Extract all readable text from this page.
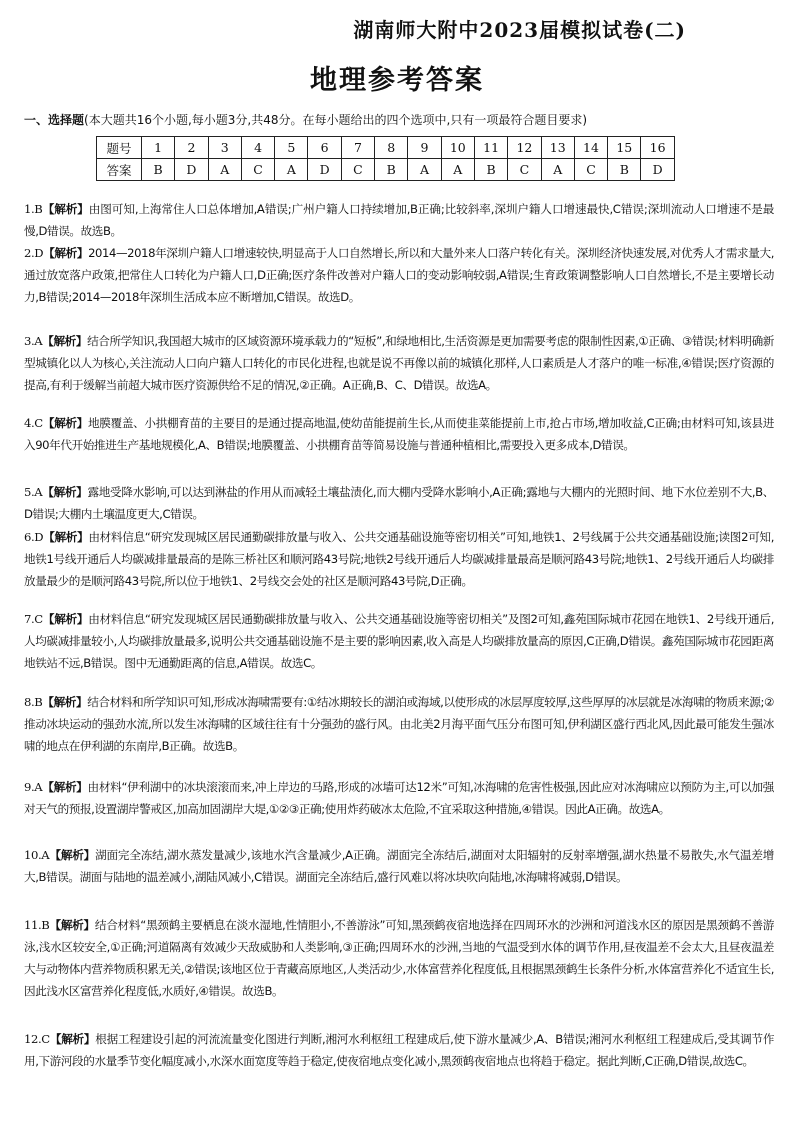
湖南师大附中2023届模拟试卷(二)
地理参考答案
一、选择题(本大题共16个小题,每小题3分,共48分。在每小题给出的四个选项中,只有一项最符合题目要求)
题号	1	2	3	4	5	6	7	8	9	10	11	12	13	14	15	16
答案	B	D	A	C	A	D	C	B	A	A	B	C	A	C	B	D
1.B【解析】由图可知,上海常住人口总体增加,A错误;广州户籍人口持续增加,B正确;比较斜率,深圳户籍人口增速最快,C错误;深圳流动人口增速不是最慢,D错误。故选B。
2.D【解析】2014—2018年深圳户籍人口增速较快,明显高于人口自然增长,所以和大量外来人口落户转化有关。深圳经济快速发展,对优秀人才需求量大,通过放宽落户政策,把常住人口转化为户籍人口,D正确;医疗条件改善对户籍人口的变动影响较弱,A错误;生育政策调整影响人口自然增长,不是主要增长动力,B错误;2014—2018年深圳生活成本应不断增加,C错误。故选D。
3.A【解析】结合所学知识,我国超大城市的区域资源环境承载力的“短板”,和绿地相比,生活资源是更加需要考虑的限制性因素,①正确、③错误;材料明确新型城镇化以人为核心,关注流动人口向户籍人口转化的市民化进程,也就是说不再像以前的城镇化那样,人口素质是人才落户的唯一标准,④错误;医疗资源的提高,有利于缓解当前超大城市医疗资源供给不足的情况,②正确。A正确,B、C、D错误。故选A。
4.C【解析】地膜覆盖、小拱棚育苗的主要目的是通过提高地温,使幼苗能提前生长,从而使韭菜能提前上市,抢占市场,增加收益,C正确;由材料可知,该县进入90年代开始推进生产基地规模化,A、B错误;地膜覆盖、小拱棚育苗等简易设施与普通种植相比,需要投入更多成本,D错误。
5.A【解析】露地受降水影响,可以达到淋盐的作用从而减轻土壤盐渍化,而大棚内受降水影响小,A正确;露地与大棚内的光照时间、地下水位差别不大,B、D错误;大棚内土壤温度更大,C错误。
6.D【解析】由材料信息“研究发现城区居民通勤碳排放量与收入、公共交通基础设施等密切相关”可知,地铁1、2号线属于公共交通基础设施;读图2可知,地铁1号线开通后人均碳减排量最高的是陈三桥社区和顺河路43号院;地铁2号线开通后人均碳减排量最高是顺河路43号院;地铁1、2号线开通后人均碳排放量最少的是顺河路43号院,所以位于地铁1、2号线交会处的社区是顺河路43号院,D正确。
7.C【解析】由材料信息“研究发现城区居民通勤碳排放量与收入、公共交通基础设施等密切相关”及图2可知,鑫苑国际城市花园在地铁1、2号线开通后,人均碳减排量较小,人均碳排放量最多,说明公共交通基础设施不是主要的影响因素,收入高是人均碳排放量高的原因,C正确,D错误。鑫苑国际城市花园距离地铁站不远,B错误。图中无通勤距离的信息,A错误。故选C。
8.B【解析】结合材料和所学知识可知,形成冰海啸需要有:①结冰期较长的湖泊或海域,以使形成的冰层厚度较厚,这些厚厚的冰层就是冰海啸的物质来源;②推动冰块运动的强劲水流,所以发生冰海啸的区域往往有十分强劲的盛行风。由北美2月海平面气压分布图可知,伊利湖区盛行西北风,因此最可能发生强冰啸的地点在伊利湖的东南岸,B正确。故选B。
9.A【解析】由材料“伊利湖中的冰块滚滚而来,冲上岸边的马路,形成的冰墙可达12米”可知,冰海啸的危害性极强,因此应对冰海啸应以预防为主,可以加强对天气的预报,设置湖岸警戒区,加高加固湖岸大堤,①②③正确;使用炸药破冰太危险,不宜采取这种措施,④错误。因此A正确。故选A。
10.A【解析】湖面完全冻结,湖水蒸发量减少,该地水汽含量减少,A正确。湖面完全冻结后,湖面对太阳辐射的反射率增强,湖水热量不易散失,水气温差增大,B错误。湖面与陆地的温差减小,湖陆风减小,C错误。湖面完全冻结后,盛行风难以将冰块吹向陆地,冰海啸将减弱,D错误。
11.B【解析】结合材料“黑颈鹤主要栖息在淡水湿地,性情胆小,不善游泳”可知,黑颈鹤夜宿地选择在四周环水的沙洲和河道浅水区的原因是黑颈鹤不善游泳,浅水区较安全,①正确;河道隔离有效减少天敌威胁和人类影响,③正确;四周环水的沙洲,当地的气温受到水体的调节作用,昼夜温差不会太大,且昼夜温差大与动物体内营养物质积累无关,②错误;该地区位于青藏高原地区,人类活动少,水体富营养化程度低,且根据黑颈鹤生长条件分析,水体富营养化不适宜生长,因此浅水区富营养化程度低,水质好,④错误。故选B。
12.C【解析】根据工程建设引起的河流流量变化图进行判断,湘河水利枢纽工程建成后,使下游水量减少,A、B错误;湘河水利枢纽工程建成后,受其调节作用,下游河段的水量季节变化幅度减小,水深水面宽度等趋于稳定,使夜宿地点变化减小,黑颈鹤夜宿地点也将趋于稳定。据此判断,C正确,D错误,故选C。
